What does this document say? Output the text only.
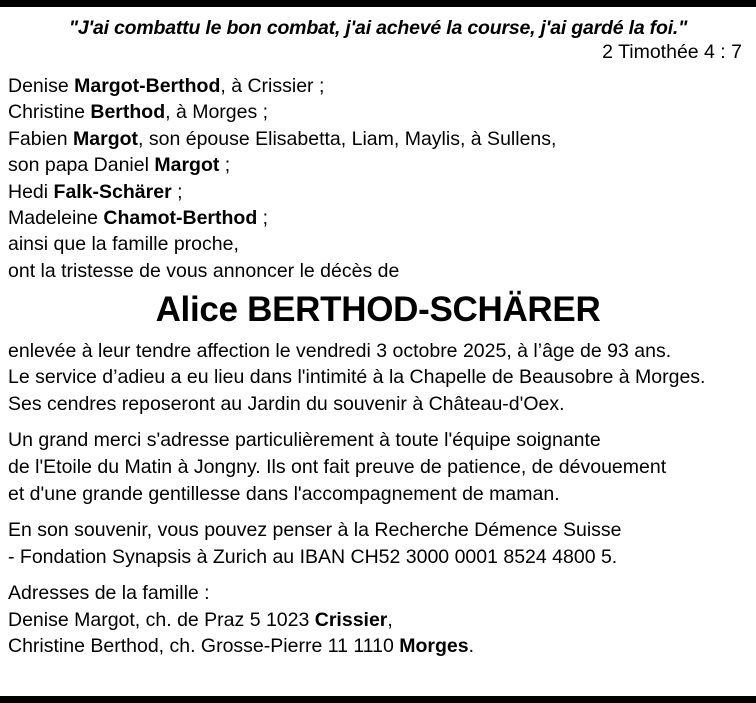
"J'ai combattu le bon combat, j'ai achevé la course, j'ai gardé la foi."
2 Timothée 4 : 7
Denise Margot-Berthod, à Crissier ;
Christine Berthod, à Morges ;
Fabien Margot, son épouse Elisabetta, Liam, Maylis, à Sullens,
son papa Daniel Margot ;
Hedi Falk-Schärer ;
Madeleine Chamot-Berthod ;
ainsi que la famille proche,
ont la tristesse de vous annoncer le décès de
Alice BERTHOD-SCHÄRER
enlevée à leur tendre affection le vendredi 3 octobre 2025, à l’âge de 93 ans.
Le service d’adieu a eu lieu dans l'intimité à la Chapelle de Beausobre à Morges.
Ses cendres reposeront au Jardin du souvenir à Château-d'Oex.
Un grand merci s'adresse particulièrement à toute l'équipe soignante
de l'Etoile du Matin à Jongny. Ils ont fait preuve de patience, de dévouement
et d'une grande gentillesse dans l'accompagnement de maman.
En son souvenir, vous pouvez penser à la Recherche Démence Suisse
- Fondation Synapsis à Zurich au IBAN CH52 3000 0001 8524 4800 5.
Adresses de la famille :
Denise Margot, ch. de Praz 5 1023 Crissier,
Christine Berthod, ch. Grosse-Pierre 11 1110 Morges.
